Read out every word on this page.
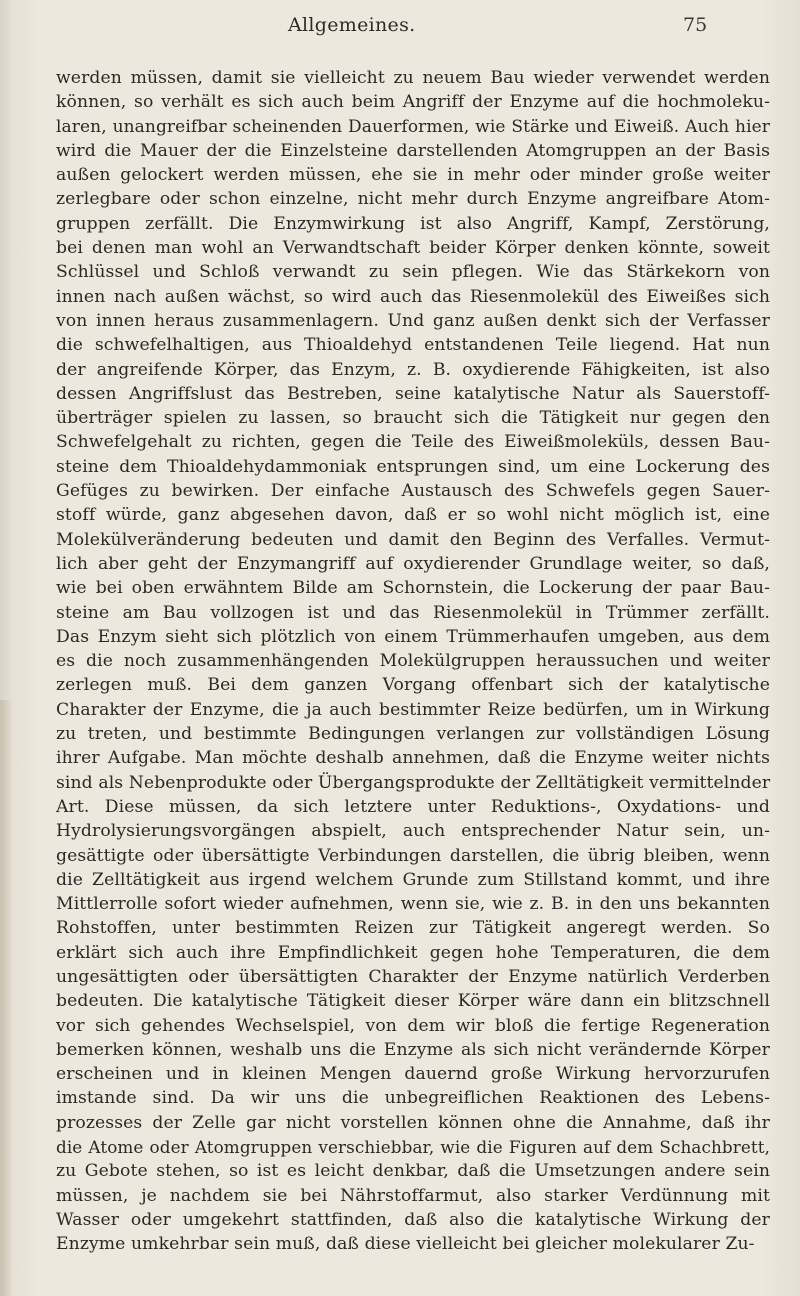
Allgemeines.	75
werden müssen, damit sie vielleicht zu neuem Bau wieder verwendet werden
können, so verhält es sich auch beim Angriff der Enzyme auf die hochmoleku-
laren, unangreifbar scheinenden Dauerformen, wie Stärke und Eiweiß. Auch hier
wird die Mauer der die Einzelsteine darstellenden Atomgruppen an der Basis
außen gelockert werden müssen, ehe sie in mehr oder minder große weiter
zerlegbare oder schon einzelne, nicht mehr durch Enzyme angreifbare Atom-
gruppen zerfällt. Die Enzymwirkung ist also Angriff, Kampf, Zerstörung,
bei denen man wohl an Verwandtschaft beider Körper denken könnte, soweit
Schlüssel und Schloß verwandt zu sein pflegen. Wie das Stärkekorn von
innen nach außen wächst, so wird auch das Riesenmolekül des Eiweißes sich
von innen heraus zusammenlagern. Und ganz außen denkt sich der Verfasser
die schwefelhaltigen, aus Thioaldehyd entstandenen Teile liegend. Hat nun
der angreifende Körper, das Enzym, z. B. oxydierende Fähigkeiten, ist also
dessen Angriffslust das Bestreben, seine katalytische Natur als Sauerstoff-
überträger spielen zu lassen, so braucht sich die Tätigkeit nur gegen den
Schwefelgehalt zu richten, gegen die Teile des Eiweißmoleküls, dessen Bau-
steine dem Thioaldehydammoniak entsprungen sind, um eine Lockerung des
Gefüges zu bewirken. Der einfache Austausch des Schwefels gegen Sauer-
stoff würde, ganz abgesehen davon, daß er so wohl nicht möglich ist, eine
Molekülveränderung bedeuten und damit den Beginn des Verfalles. Vermut-
lich aber geht der Enzymangriff auf oxydierender Grundlage weiter, so daß,
wie bei oben erwähntem Bilde am Schornstein, die Lockerung der paar Bau-
steine am Bau vollzogen ist und das Riesenmolekül in Trümmer zerfällt.
Das Enzym sieht sich plötzlich von einem Trümmerhaufen umgeben, aus dem
es die noch zusammenhängenden Molekülgruppen heraussuchen und weiter
zerlegen muß. Bei dem ganzen Vorgang offenbart sich der katalytische
Charakter der Enzyme, die ja auch bestimmter Reize bedürfen, um in Wirkung
zu treten, und bestimmte Bedingungen verlangen zur vollständigen Lösung
ihrer Aufgabe. Man möchte deshalb annehmen, daß die Enzyme weiter nichts
sind als Nebenprodukte oder Übergangsprodukte der Zelltätigkeit vermittelnder
Art. Diese müssen, da sich letztere unter Reduktions-, Oxydations- und
Hydrolysierungsvorgängen abspielt, auch entsprechender Natur sein, un-
gesättigte oder übersättigte Verbindungen darstellen, die übrig bleiben, wenn
die Zelltätigkeit aus irgend welchem Grunde zum Stillstand kommt, und ihre
Mittlerrolle sofort wieder aufnehmen, wenn sie, wie z. B. in den uns bekannten
Rohstoffen, unter bestimmten Reizen zur Tätigkeit angeregt werden. So
erklärt sich auch ihre Empfindlichkeit gegen hohe Temperaturen, die dem
ungesättigten oder übersättigten Charakter der Enzyme natürlich Verderben
bedeuten. Die katalytische Tätigkeit dieser Körper wäre dann ein blitzschnell
vor sich gehendes Wechselspiel, von dem wir bloß die fertige Regeneration
bemerken können, weshalb uns die Enzyme als sich nicht verändernde Körper
erscheinen und in kleinen Mengen dauernd große Wirkung hervorzurufen
imstande sind. Da wir uns die unbegreiflichen Reaktionen des Lebens-
prozesses der Zelle gar nicht vorstellen können ohne die Annahme, daß ihr
die Atome oder Atomgruppen verschiebbar, wie die Figuren auf dem Schachbrett,
zu Gebote stehen, so ist es leicht denkbar, daß die Umsetzungen andere sein
müssen, je nachdem sie bei Nährstoffarmut, also starker Verdünnung mit
Wasser oder umgekehrt stattfinden, daß also die katalytische Wirkung der
Enzyme umkehrbar sein muß, daß diese vielleicht bei gleicher molekularer Zu-
